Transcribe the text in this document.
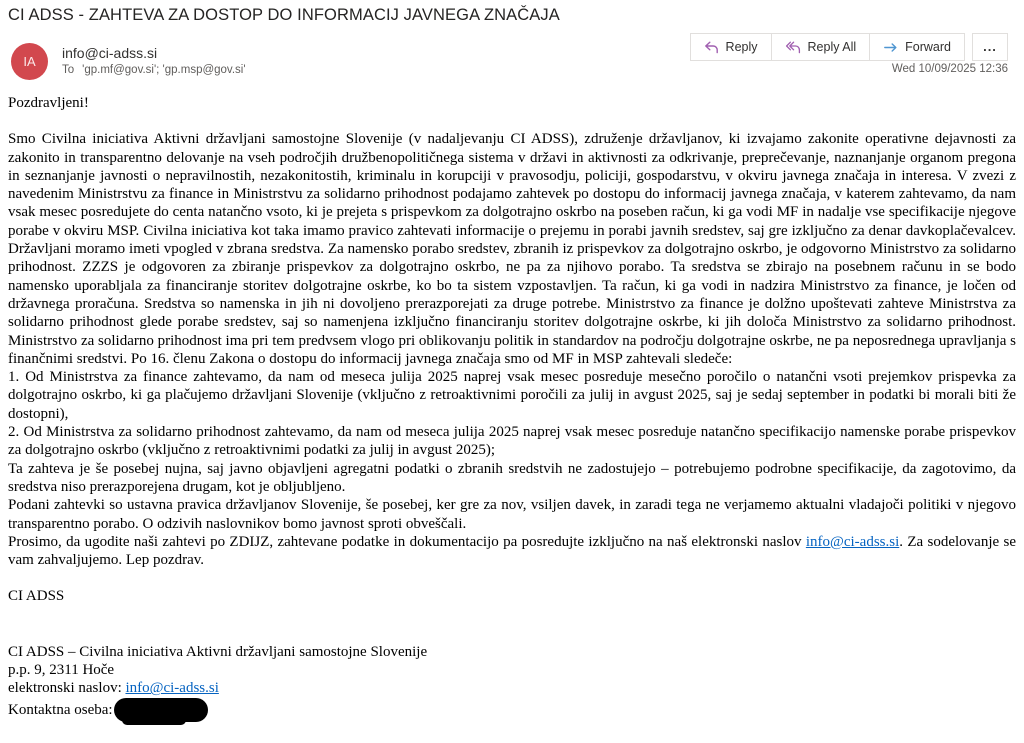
CI ADSS - ZAHTEVA ZA DOSTOP DO INFORMACIJ JAVNEGA ZNAČAJA
IA
info@ci-adss.si
To 'gp.mf@gov.si'; 'gp.msp@gov.si'
Reply	Reply All	Forward	...
Wed 10/09/2025 12:36

Pozdravljeni!

Smo Civilna iniciativa Aktivni državljani samostojne Slovenije (v nadaljevanju CI ADSS), združenje državljanov, ki izvajamo zakonite operativne dejavnosti za zakonito in transparentno delovanje na vseh področjih družbenopolitičnega sistema v državi in aktivnosti za odkrivanje, preprečevanje, naznanjanje organom pregona in seznanjanje javnosti o nepravilnostih, nezakonitostih, kriminalu in korupciji v pravosodju, policiji, gospodarstvu, v okviru javnega značaja in interesa. V zvezi z navedenim Ministrstvu za finance in Ministrstvu za solidarno prihodnost podajamo zahtevek po dostopu do informacij javnega značaja, v katerem zahtevamo, da nam vsak mesec posredujete do centa natančno vsoto, ki je prejeta s prispevkom za dolgotrajno oskrbo na poseben račun, ki ga vodi MF in nadalje vse specifikacije njegove porabe v okviru MSP. Civilna iniciativa kot taka imamo pravico zahtevati informacije o prejemu in porabi javnih sredstev, saj gre izključno za denar davkoplačevalcev. Državljani moramo imeti vpogled v zbrana sredstva. Za namensko porabo sredstev, zbranih iz prispevkov za dolgotrajno oskrbo, je odgovorno Ministrstvo za solidarno prihodnost. ZZZS je odgovoren za zbiranje prispevkov za dolgotrajno oskrbo, ne pa za njihovo porabo. Ta sredstva se zbirajo na posebnem računu in se bodo namensko uporabljala za financiranje storitev dolgotrajne oskrbe, ko bo ta sistem vzpostavljen. Ta račun, ki ga vodi in nadzira Ministrstvo za finance, je ločen od državnega proračuna. Sredstva so namenska in jih ni dovoljeno prerazporejati za druge potrebe. Ministrstvo za finance je dolžno upoštevati zahteve Ministrstva za solidarno prihodnost glede porabe sredstev, saj so namenjena izključno financiranju storitev dolgotrajne oskrbe, ki jih določa Ministrstvo za solidarno prihodnost. Ministrstvo za solidarno prihodnost ima pri tem predvsem vlogo pri oblikovanju politik in standardov na področju dolgotrajne oskrbe, ne pa neposrednega upravljanja s finančnimi sredstvi. Po 16. členu Zakona o dostopu do informacij javnega značaja smo od MF in MSP zahtevali sledeče:

1. Od Ministrstva za finance zahtevamo, da nam od meseca julija 2025 naprej vsak mesec posreduje mesečno poročilo o natančni vsoti prejemkov prispevka za dolgotrajno oskrbo, ki ga plačujemo državljani Slovenije (vključno z retroaktivnimi poročili za julij in avgust 2025, saj je sedaj september in podatki bi morali biti že dostopni),

2. Od Ministrstva za solidarno prihodnost zahtevamo, da nam od meseca julija 2025 naprej vsak mesec posreduje natančno specifikacijo namenske porabe prispevkov za dolgotrajno oskrbo (vključno z retroaktivnimi podatki za julij in avgust 2025);

Ta zahteva je še posebej nujna, saj javno objavljeni agregatni podatki o zbranih sredstvih ne zadostujejo – potrebujemo podrobne specifikacije, da zagotovimo, da sredstva niso prerazporejena drugam, kot je obljubljeno.

Podani zahtevki so ustavna pravica državljanov Slovenije, še posebej, ker gre za nov, vsiljen davek, in zaradi tega ne verjamemo aktualni vladajoči politiki v njegovo transparentno porabo. O odzivih naslovnikov bomo javnost sproti obveščali.

Prosimo, da ugodite naši zahtevi po ZDIJZ, zahtevane podatke in dokumentacijo pa posredujte izključno na naš elektronski naslov info@ci-adss.si. Za sodelovanje se vam zahvaljujemo. Lep pozdrav.

CI ADSS

CI ADSS – Civilna iniciativa Aktivni državljani samostojne Slovenije
p.p. 9, 2311 Hoče
elektronski naslov: info@ci-adss.si
Kontaktna oseba:
